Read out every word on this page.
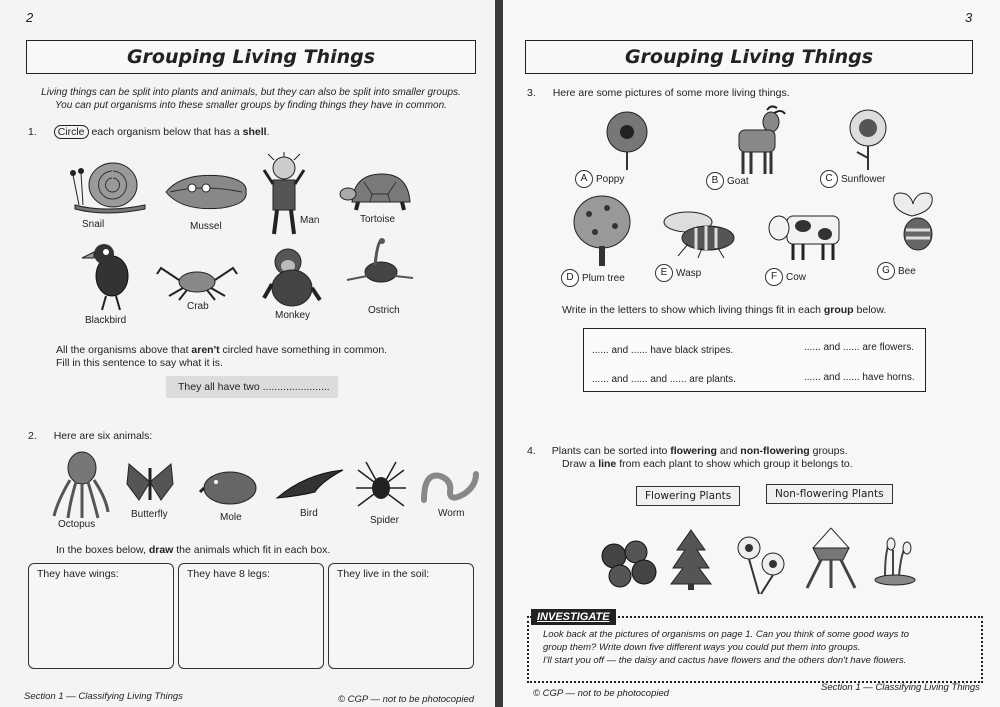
2
Grouping Living Things
Living things can be split into plants and animals, but they can also be split into smaller groups.
You can put organisms into these smaller groups by finding things they have in common.
1. Circle each organism below that has a shell.
Snail	Mussel
Man	Tortoise
Blackbird
Crab
Monkey	Ostrich
All the organisms above that aren't circled have something in common.
Fill in this sentence to say what it is.
They all have two .......................
2. Here are six animals:
Octopus
Butterfly	Mole	Bird
Spider
Worm
In the boxes below, draw the animals which fit in each box.
They have wings:	They have 8 legs:	They live in the soil:
Section 1 — Classifying Living Things	© CGP — not to be photocopied
3
Grouping Living Things
3. Here are some pictures of some more living things.
A Poppy	B Goat	C Sunflower
D Plum tree	E Wasp	F Cow
G Bee
Write in the letters to show which living things fit in each group below.
...... and ...... have black stripes.	...... and ...... are flowers.
...... and ...... and ...... are plants.	...... and ...... have horns.
4. Plants can be sorted into flowering and non-flowering groups.
Draw a line from each plant to show which group it belongs to.
Flowering Plants	Non-flowering Plants
INVESTIGATE
Look back at the pictures of organisms on page 1. Can you think of some good ways to
group them? Write down five different ways you could put them into groups.
I'll start you off — the daisy and cactus have flowers and the others don't have flowers.
© CGP — not to be photocopied
Section 1 — Classifying Living Things
